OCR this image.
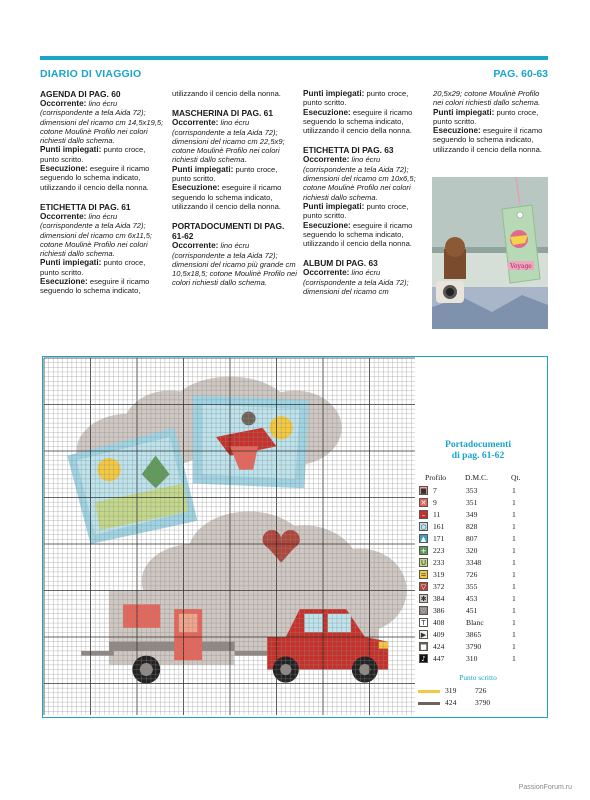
DIARIO DI VIAGGIO	PAG. 60-63

AGENDA DI PAG. 60

Occorrente: lino écru (corrispondente a tela Aida 72); dimensioni del ricamo cm 14,5x19,5; cotone Moulinè Profilo nei colori richiesti dallo schema.

Punti impiegati: punto croce, punto scritto.

Esecuzione: eseguire il ricamo seguendo lo schema indicato, utilizzando il cencio della nonna.

ETICHETTA DI PAG. 61

Occorrente: lino écru (corrispondente a tela Aida 72); dimensioni del ricamo cm 6x11,5; cotone Moulinè Profilo nei colori richiesti dallo schema.

Punti impiegati: punto croce, punto scritto.

Esecuzione: eseguire il ricamo seguendo lo schema indicato,

utilizzando il cencio della nonna.

MASCHERINA DI PAG. 61

Occorrente: lino écru (corrispondente a tela Aida 72); dimensioni del ricamo cm 22,5x9; cotone Moulinè Profilo nei colori richiesti dallo schema.

Punti impiegati: punto croce, punto scritto.

Esecuzione: eseguire il ricamo seguendo lo schema indicato, utilizzando il cencio della nonna.

PORTADOCUMENTI DI PAG. 61-62

Occorrente: lino écru (corrispondente a tela Aida 72); dimensioni del ricamo più grande cm 10,5x18,5; cotone Moulinè Profilo nei colori richiesti dallo schema.

Punti impiegati: punto croce, punto scritto.

Esecuzione: eseguire il ricamo seguendo lo schema indicato, utilizzando il cencio della nonna.

ETICHETTA DI PAG. 63

Occorrente: lino écru (corrispondente a tela Aida 72); dimensioni del ricamo cm 10x6,5; cotone Moulinè Profilo nei colori richiesti dallo schema.

Punti impiegati: punto croce, punto scritto.

Esecuzione: eseguire il ricamo seguendo lo schema indicato, utilizzando il cencio della nonna.

ALBUM DI PAG. 63

Occorrente: lino écru (corrispondente a tela Aida 72); dimensioni del ricamo cm

20,5x29; cotone Moulinè Profilo nei colori richiesti dallo schema.

Punti impiegati: punto croce, punto scritto.

Esecuzione: eseguire il ricamo seguendo lo schema indicato, utilizzando il cencio della nonna.

Voyage
Portadocumenti
di pag. 61-62
Profilo D.M.C.	Qt.
■ 7	353	1
✕ 9	351	1
–	11	349	1
○ 161	828	1
▲ 171	807	1
+ 223	320	1
U 233	3348	1
= 319	726	1
▽ 372	355	1
✱ 384	453	1
♡ 386	451	1
T 408	Blanc	1
▶ 409	3865	1
■ 424	3790	1
♪ 447	310	1
Punto scritto
319 726
424 3790
PassionForum.ru
